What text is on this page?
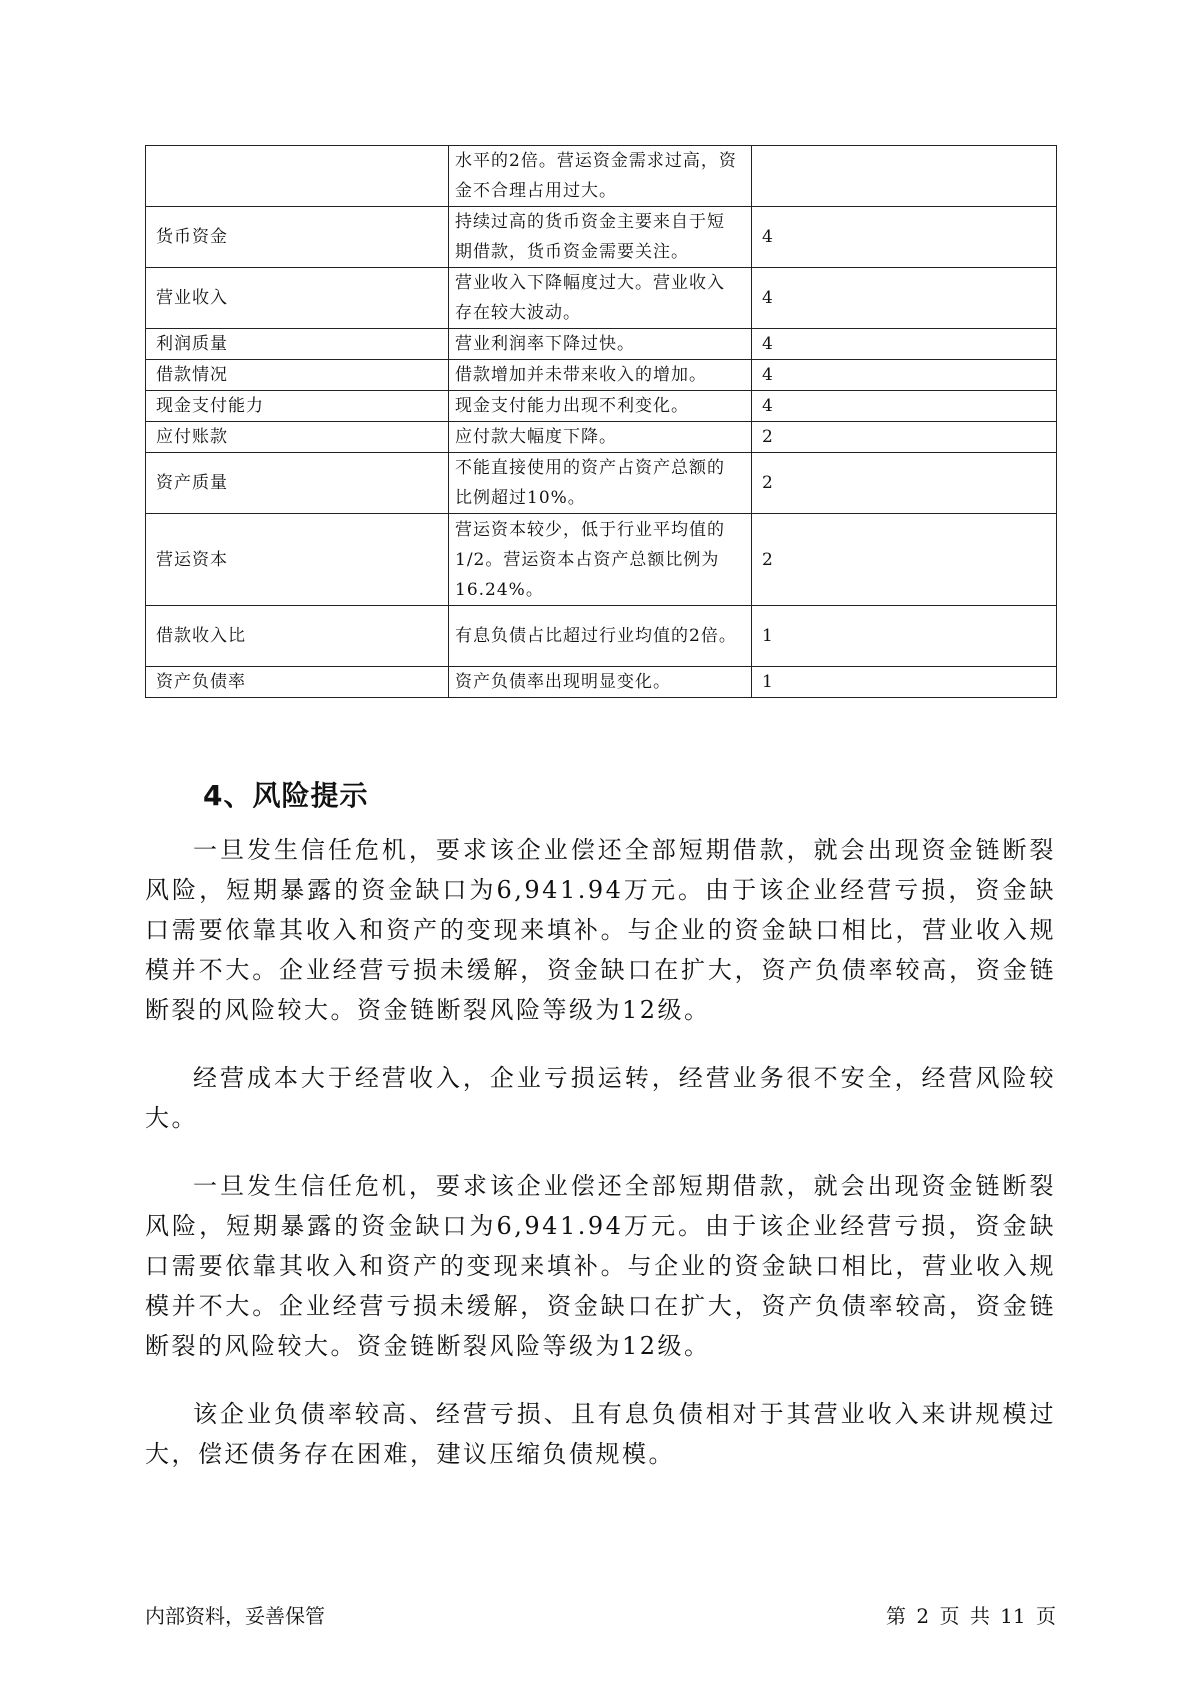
	水平的2倍。营运资金需求过高，资金不合理占用过大。	
货币资金	持续过高的货币资金主要来自于短期借款，货币资金需要关注。	4
营业收入	营业收入下降幅度过大。营业收入存在较大波动。	4
利润质量	营业利润率下降过快。	4
借款情况	借款增加并未带来收入的增加。	4
现金支付能力	现金支付能力出现不利变化。	4
应付账款	应付款大幅度下降。	2
资产质量	不能直接使用的资产占资产总额的比例超过10%。	2
营运资本	营运资本较少，低于行业平均值的1/2。营运资本占资产总额比例为16.24%。	2
借款收入比	有息负债占比超过行业均值的2倍。	1
资产负债率	资产负债率出现明显变化。	1
4、风险提示

一旦发生信任危机，要求该企业偿还全部短期借款，就会出现资金链断裂风险，短期暴露的资金缺口为6,941.94万元。由于该企业经营亏损，资金缺口需要依靠其收入和资产的变现来填补。与企业的资金缺口相比，营业收入规模并不大。企业经营亏损未缓解，资金缺口在扩大，资产负债率较高，资金链断裂的风险较大。资金链断裂风险等级为12级。

经营成本大于经营收入，企业亏损运转，经营业务很不安全，经营风险较大。

一旦发生信任危机，要求该企业偿还全部短期借款，就会出现资金链断裂风险，短期暴露的资金缺口为6,941.94万元。由于该企业经营亏损，资金缺口需要依靠其收入和资产的变现来填补。与企业的资金缺口相比，营业收入规模并不大。企业经营亏损未缓解，资金缺口在扩大，资产负债率较高，资金链断裂的风险较大。资金链断裂风险等级为12级。

该企业负债率较高、经营亏损、且有息负债相对于其营业收入来讲规模过大，偿还债务存在困难，建议压缩负债规模。

内部资料，妥善保管	第 2 页 共 11 页
